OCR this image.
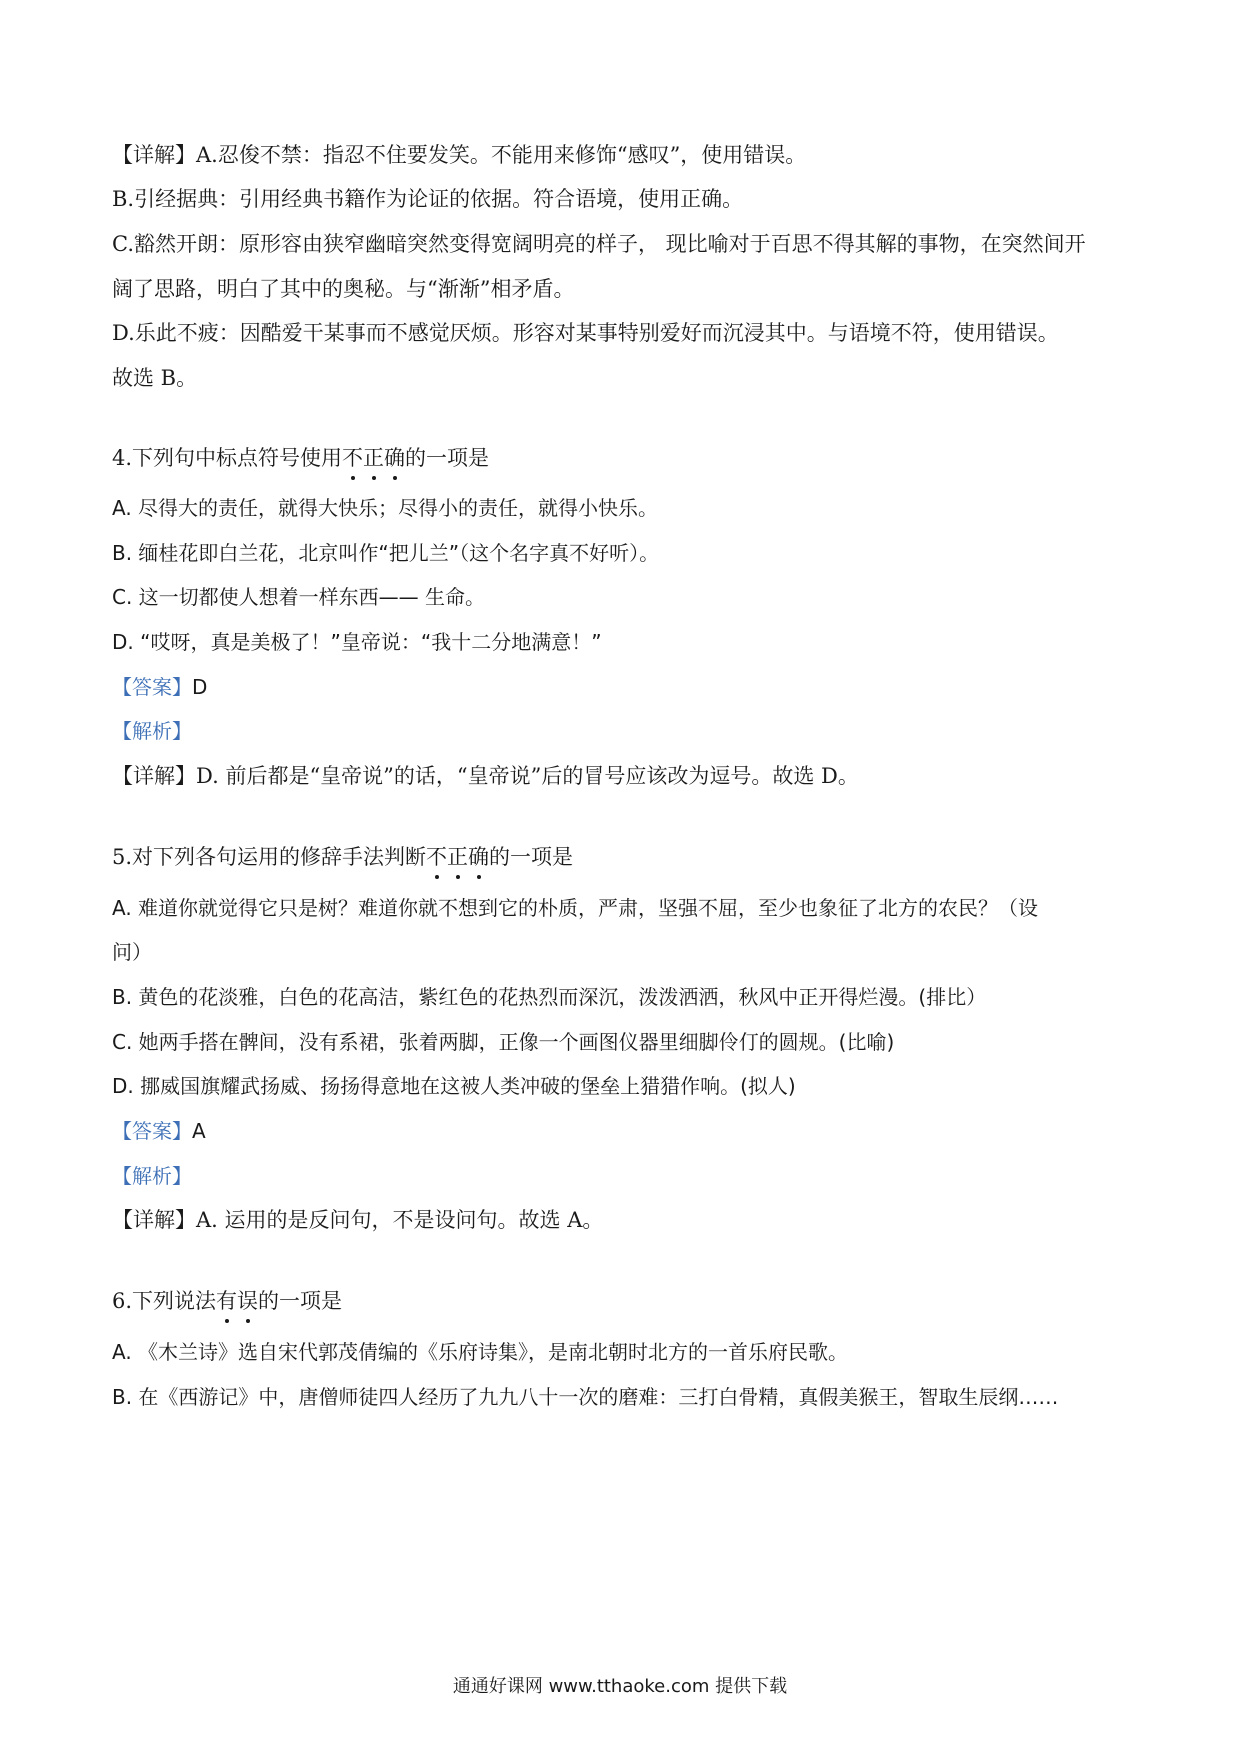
【详解】A.忍俊不禁：指忍不住要发笑。不能用来修饰“感叹”，使用错误。
B.引经据典：引用经典书籍作为论证的依据。符合语境，使用正确。
C.豁然开朗：原形容由狭窄幽暗突然变得宽阔明亮的样子， 现比喻对于百思不得其解的事物，在突然间开
阔了思路，明白了其中的奥秘。与“渐渐”相矛盾。
D.乐此不疲：因酷爱干某事而不感觉厌烦。形容对某事特别爱好而沉浸其中。与语境不符，使用错误。
故选 B。
4.下列句中标点符号使用不正确的一项是
A. 尽得大的责任，就得大快乐；尽得小的责任，就得小快乐。
B. 缅桂花即白兰花，北京叫作“把儿兰”（这个名字真不好听）。
C. 这一切都使人想着一样东西—— 生命。
D. “哎呀，真是美极了！”皇帝说：“我十二分地满意！”
【答案】D
【解析】
【详解】D. 前后都是“皇帝说”的话，“皇帝说”后的冒号应该改为逗号。故选 D。
5.对下列各句运用的修辞手法判断不正确的一项是
A. 难道你就觉得它只是树？难道你就不想到它的朴质，严肃，坚强不屈，至少也象征了北方的农民？（设
问）
B. 黄色的花淡雅，白色的花高洁，紫红色的花热烈而深沉，泼泼洒洒，秋风中正开得烂漫。(排比）
C. 她两手搭在髀间，没有系裙，张着两脚，正像一个画图仪器里细脚伶仃的圆规。(比喻)
D. 挪威国旗耀武扬威、扬扬得意地在这被人类冲破的堡垒上猎猎作响。(拟人)
【答案】A
【解析】
【详解】A. 运用的是反问句，不是设问句。故选 A。
6.下列说法有误的一项是
A. 《木兰诗》选自宋代郭茂倩编的《乐府诗集》，是南北朝时北方的一首乐府民歌。
B. 在《西游记》中，唐僧师徒四人经历了九九八十一次的磨难：三打白骨精，真假美猴王，智取生辰纲……
通通好课网 www.tthaoke.com 提供下载
